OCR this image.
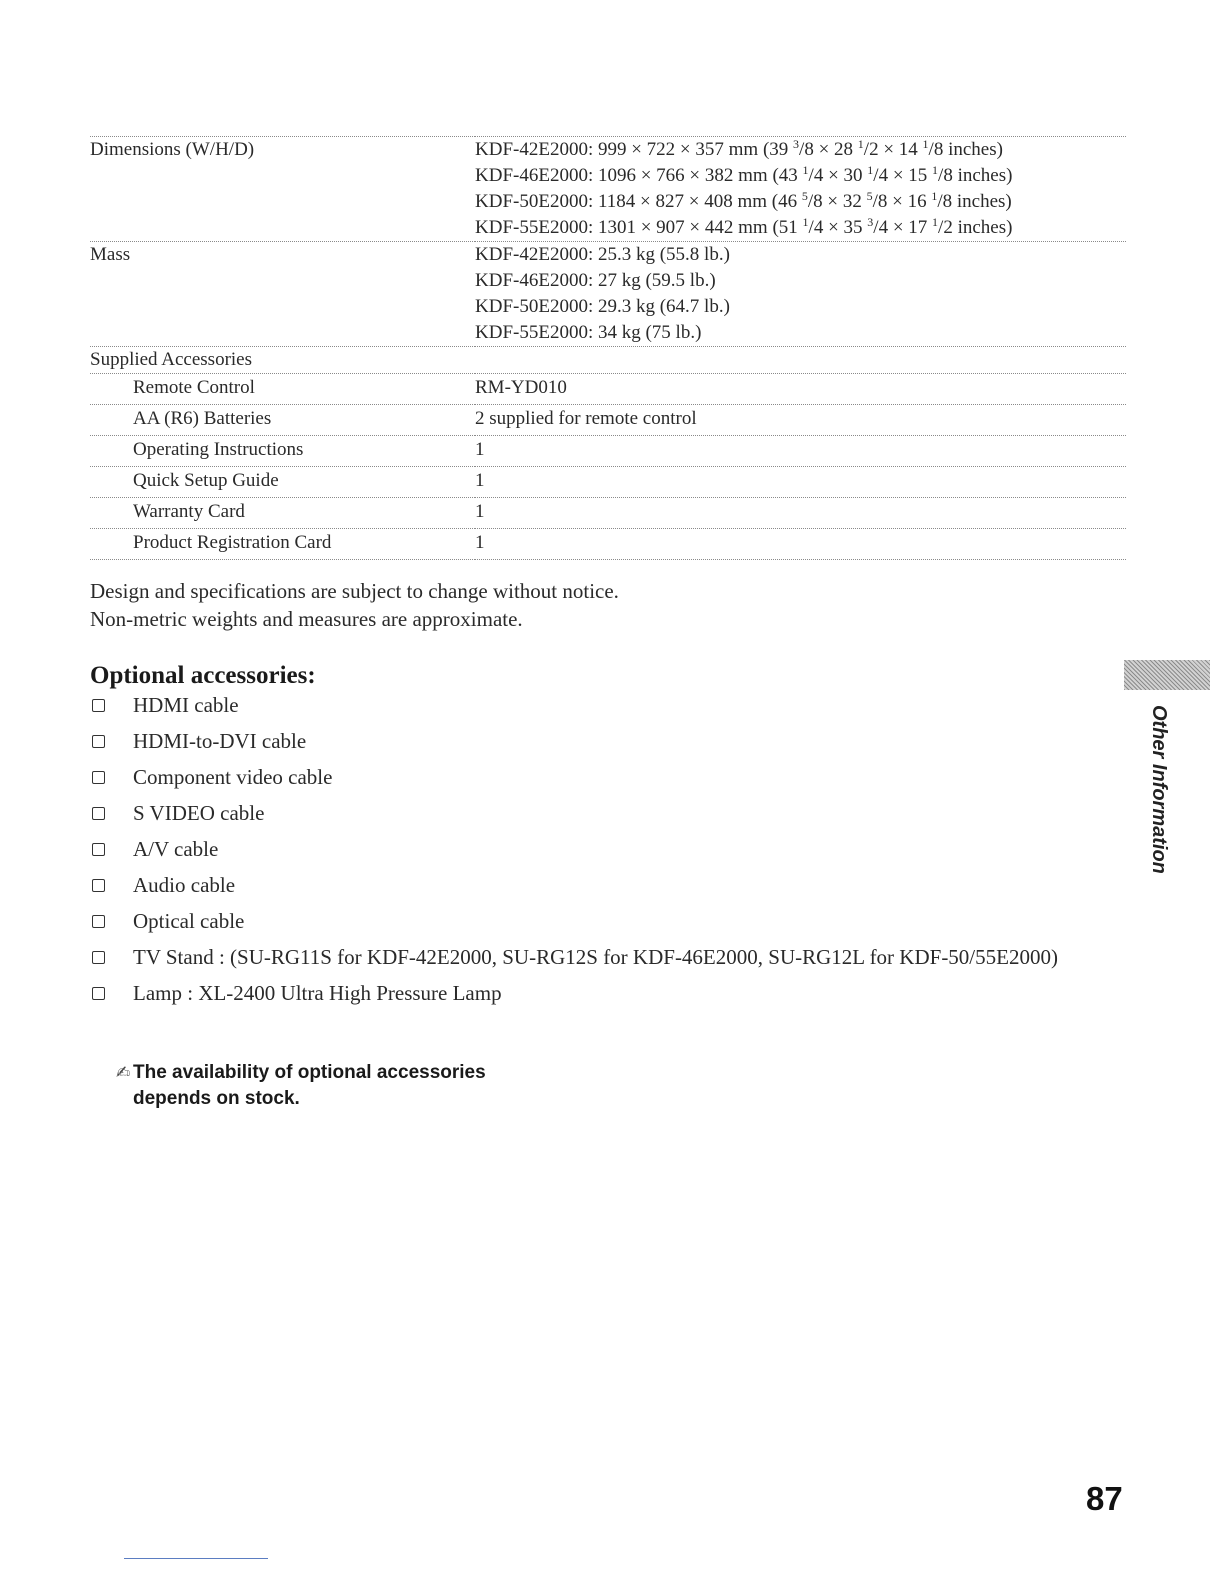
Dimensions (W/H/D)	KDF-42E2000: 999 × 722 × 357 mm (39 $^3$/8 × 28 $^1$/2 × 14 $^1$/8 inches)
KDF-46E2000: 1096 × 766 × 382 mm (43 $^1$/4 × 30 $^1$/4 × 15 $^1$/8 inches)
KDF-50E2000: 1184 × 827 × 408 mm (46 $^5$/8 × 32 $^5$/8 × 16 $^1$/8 inches)
KDF-55E2000: 1301 × 907 × 442 mm (51 $^1$/4 × 35 $^3$/4 × 17 $^1$/2 inches)

Mass	KDF-42E2000: 25.3 kg (55.8 lb.)
KDF-46E2000: 27 kg (59.5 lb.)
KDF-50E2000: 29.3 kg (64.7 lb.)
KDF-55E2000: 34 kg (75 lb.)

Supplied Accessories	
Remote Control	RM-YD010
AA (R6) Batteries	2 supplied for remote control
Operating Instructions	1
Quick Setup Guide	1
Warranty Card	1
Product Registration Card	1
Design and specifications are subject to change without notice.
Non-metric weights and measures are approximate.
Optional accessories:
HDMI cable
HDMI-to-DVI cable
Component video cable
S VIDEO cable
A/V cable
Audio cable
Optical cable
TV Stand : (SU-RG11S for KDF-42E2000, SU-RG12S for KDF-46E2000, SU-RG12L for KDF-50/55E2000)
Lamp : XL-2400 Ultra High Pressure Lamp
✍ The availability of optional accessories depends on stock.
Other Information
87
